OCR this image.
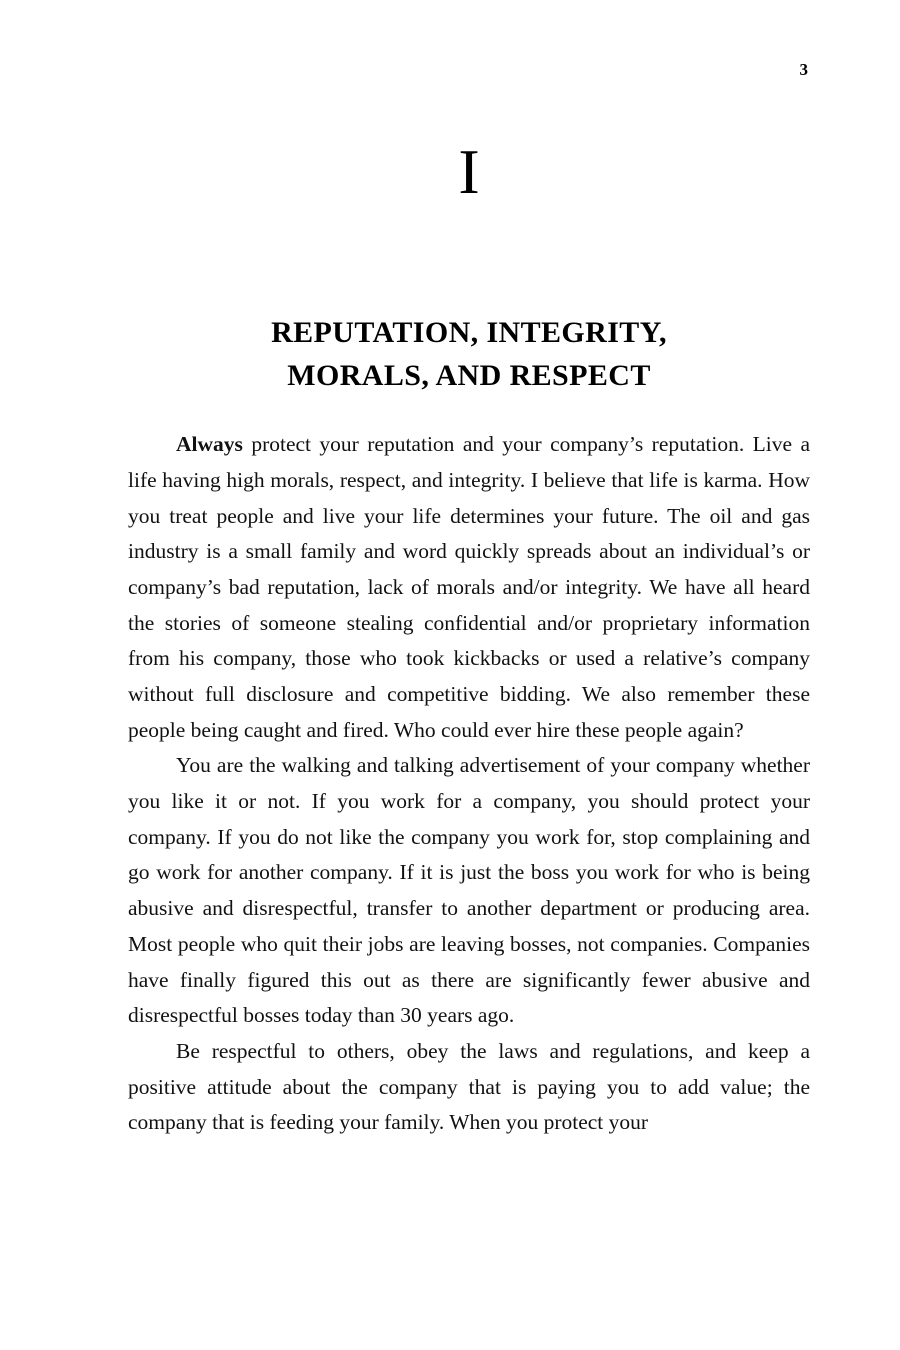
3
I
REPUTATION, INTEGRITY,
MORALS, AND RESPECT

Always protect your reputation and your company’s reputation. Live a life having high morals, respect, and integrity. I believe that life is karma. How you treat people and live your life determines your future. The oil and gas industry is a small family and word quickly spreads about an individual’s or company’s bad reputation, lack of morals and/or integrity. We have all heard the stories of someone stealing confidential and/or proprietary information from his company, those who took kickbacks or used a relative’s company without full disclosure and competitive bidding. We also remember these people being caught and fired. Who could ever hire these people again?

You are the walking and talking advertisement of your company whether you like it or not. If you work for a company, you should protect your company. If you do not like the company you work for, stop complaining and go work for another company. If it is just the boss you work for who is being abusive and disrespectful, transfer to another department or producing area. Most people who quit their jobs are leaving bosses, not companies. Companies have finally figured this out as there are significantly fewer abusive and disrespectful bosses today than 30 years ago.

Be respectful to others, obey the laws and regulations, and keep a positive attitude about the company that is paying you to add value; the company that is feeding your family. When you protect your
